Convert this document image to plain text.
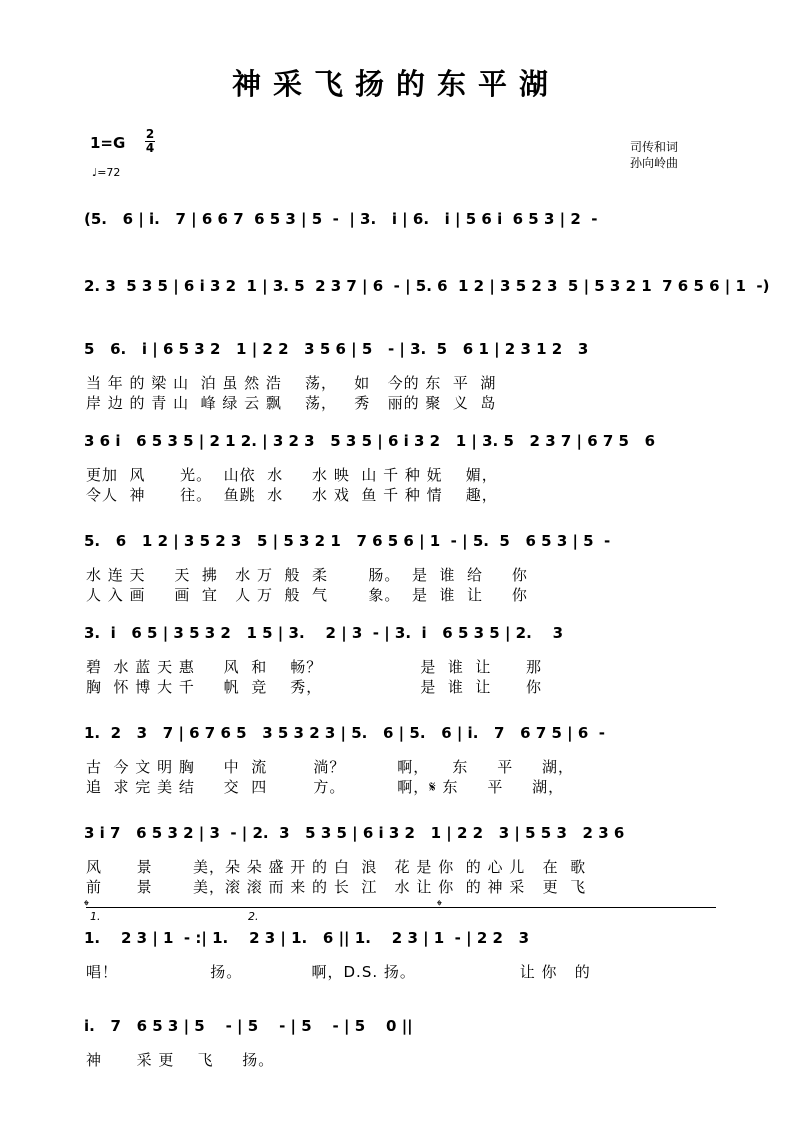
神采飞扬的东平湖
1=G 2
4
♩=72
司传和词
孙向岭曲
(5.   6 | i.   7 | 6 6 7  6 5 3 | 5  -  | 3.   i | 6.   i | 5 6 i  6 5 3 | 2  -
2. 3  5 3 5 | 6 i 3 2  1 | 3. 5  2 3 7 | 6  - | 5. 6  1 2 | 3 5 2 3  5 | 5 3 2 1  7 6 5 6 | 1  -)
5   6.   i | 6 5 3 2   1 | 2 2   3 5 6 | 5   - | 3.  5   6 1 | 2 3 1 2   3
当 年 的 梁 山  泊 虽 然 浩    荡，   如   今的 东  平  湖
岸 边 的 青 山  峰 绿 云 飘    荡，   秀   丽的 聚  义  岛
3 6 i   6 5 3 5 | 2 1 2. | 3 2 3   5 3 5 | 6 i 3 2   1 | 3. 5   2 3 7 | 6 7 5   6
更加  风      光。  山依  水     水 映  山 千 种 妩    媚，
令人  神      往。  鱼跳  水     水 戏  鱼 千 种 情    趣，
5.   6   1 2 | 3 5 2 3   5 | 5 3 2 1   7 6 5 6 | 1  - | 5.  5   6 5 3 | 5  -
水 连 天     天  拂   水 万  般  柔       肠。  是  谁  给     你
人 入 画     画  宜   人 万  般  气       象。  是  谁  让     你
3.  i   6 5 | 3 5 3 2   1 5 | 3.    2 | 3  - | 3.  i   6 5 3 5 | 2.    3
碧  水 蓝 天 惠     风  和    畅？                 是  谁  让      那
胸  怀 博 大 千     帆  竞    秀，                 是  谁  让      你
1.  2   3   7 | 6 7 6 5   3 5 3 2 3 | 5.   6 | 5.   6 | i.   7   6 7 5 | 6  -
古  今 文 明 胸     中  流        淌？         啊，    东     平     湖，
追  求 完 美 结     交  四        方。         啊，𝄋 东     平     湖，
3 i 7   6 5 3 2 | 3  - | 2.  3   5 3 5 | 6 i 3 2   1 | 2 2   3 | 5 5 3   2 3 6
风      景       美，朵 朵 盛 开 的 白  浪   花 是 你  的 心 儿   在  歌
前      景       美，滚 滚 而 来 的 长  江   水 让 你  的 神 采   更  飞
1.    2 3 | 1  - :| 1.    2 3 | 1.   6 || 1.    2 3 | 1  - | 2 2   3
唱！                扬。            啊，D.S. 扬。                  让 你   的
i.   7   6 5 3 | 5    - | 5    - | 5    - | 5    0 ||
神      采 更    飞     扬。
𝄌	𝄌
1.	2.
